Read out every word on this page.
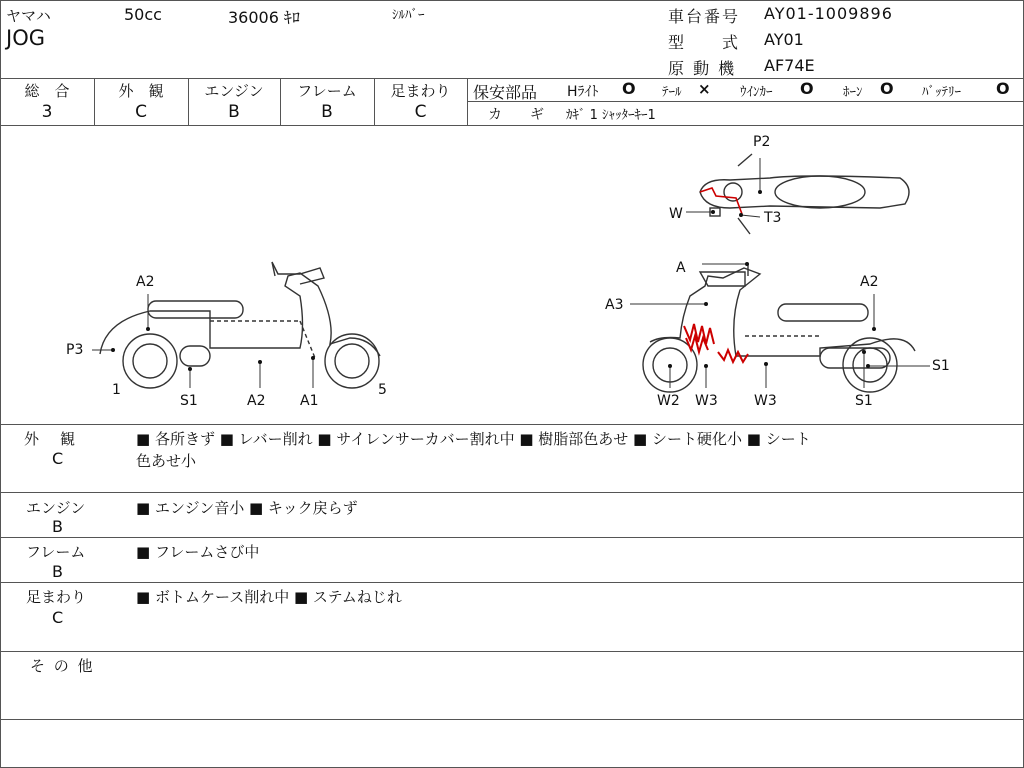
ヤマハ	50cc	36006 ｷﾛ	ｼﾙﾊﾞｰ
JOG
車台番号 AY01-1009896
型　　式 AY01
原 動 機 AF74E
総　合
3
外　観
C
エンジン
B
フレーム
B
足まわり
C
保安部品 Hﾗｲﾄ O ﾃｰﾙ × ｳｲﾝｶｰ O ﾎｰﾝ O ﾊﾞｯﾃﾘｰ O
カ　　ギ ｶｷﾞ 1 ｼｬｯﾀｰｷｰ1
A2
P3
1
S1	A2 A1
5
P2
W	T3
A
A3
A2
S1
W2 W3	W3	S1
外　観
C
■ 各所きず ■ レバー削れ ■ サイレンサーカバー割れ中 ■ 樹脂部色あせ ■ シート硬化小 ■ シート
色あせ小
エンジン
B
■ エンジン音小 ■ キック戻らず
フレーム
B
■ フレームさび中
足まわり
C
■ ボトムケース削れ中 ■ ステムねじれ
そ の 他
